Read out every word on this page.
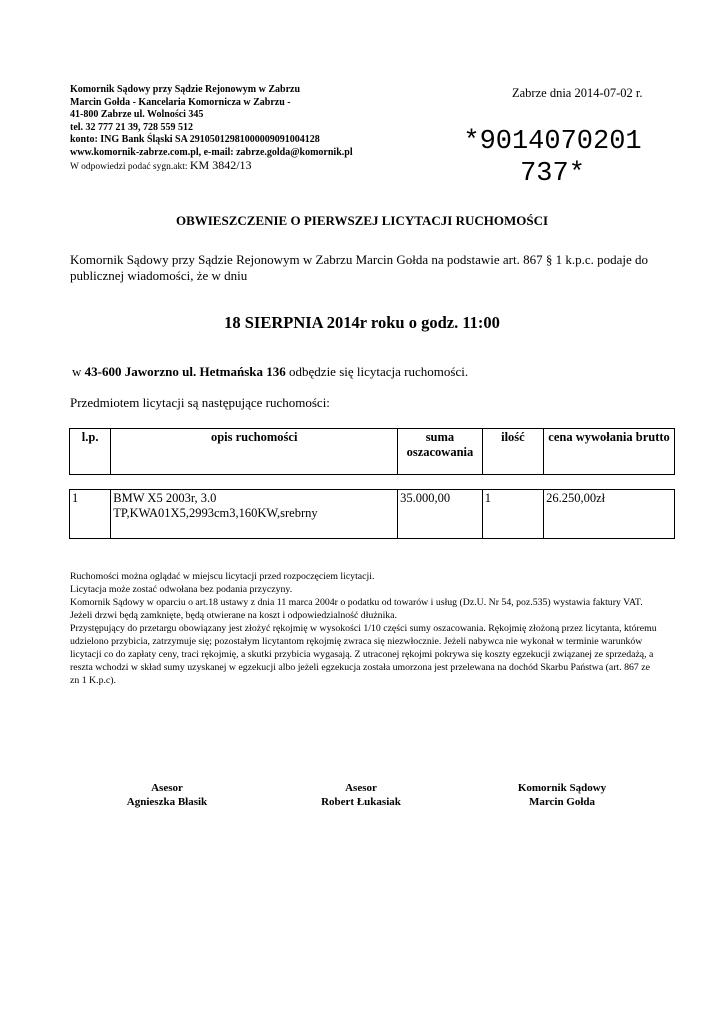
Komornik Sądowy przy Sądzie Rejonowym w Zabrzu
Marcin Gołda - Kancelaria Komornicza w Zabrzu -
41-800 Zabrze ul. Wolności 345
tel. 32 777 21 39, 728 559 512
konto: ING Bank Śląski SA 29105012981000009091004128
www.komornik-zabrze.com.pl, e-mail: zabrze.golda@komornik.pl
W odpowiedzi podać sygn.akt: KM 3842/13
Zabrze dnia 2014-07-02 r.
*9014070201
737*
OBWIESZCZENIE O PIERWSZEJ LICYTACJI RUCHOMOŚCI
Komornik Sądowy przy Sądzie Rejonowym w Zabrzu Marcin Gołda na podstawie art. 867 § 1 k.p.c. podaje do publicznej wiadomości, że w dniu
18 SIERPNIA 2014r roku o godz. 11:00
w 43-600 Jaworzno ul. Hetmańska 136 odbędzie się licytacja ruchomości.
Przedmiotem licytacji są następujące ruchomości:
l.p.	opis ruchomości	suma oszacowania	ilość	cena wywołania brutto
1	BMW X5 2003r, 3.0 TP,KWA01X5,2993cm3,160KW,srebrny	35.000,00	1	26.250,00zł
Ruchomości można oglądać w miejscu licytacji przed rozpoczęciem licytacji.
Licytacja może zostać odwołana bez podania przyczyny.
Komornik Sądowy w oparciu o art.18 ustawy z dnia 11 marca 2004r o podatku od towarów i usług (Dz.U. Nr 54, poz.535) wystawia faktury VAT.
Jeżeli drzwi będą zamknięte, będą otwierane na koszt i odpowiedzialność dłużnika.
Przystępujący do przetargu obowiązany jest złożyć rękojmię w wysokości 1/10 części sumy oszacowania. Rękojmię złożoną przez licytanta, któremu udzielono przybicia, zatrzymuje się; pozostałym licytantom rękojmię zwraca się niezwłocznie. Jeżeli nabywca nie wykonał w terminie warunków licytacji co do zapłaty ceny, traci rękojmię, a skutki przybicia wygasają. Z utraconej rękojmi pokrywa się koszty egzekucji związanej ze sprzedażą, a reszta wchodzi w skład sumy uzyskanej w egzekucji albo jeżeli egzekucja została umorzona jest przelewana na dochód Skarbu Państwa (art. 867 ze zn 1 K.p.c).
Asesor
Agnieszka Błasik
Asesor
Robert Łukasiak
Komornik Sądowy
Marcin Gołda
